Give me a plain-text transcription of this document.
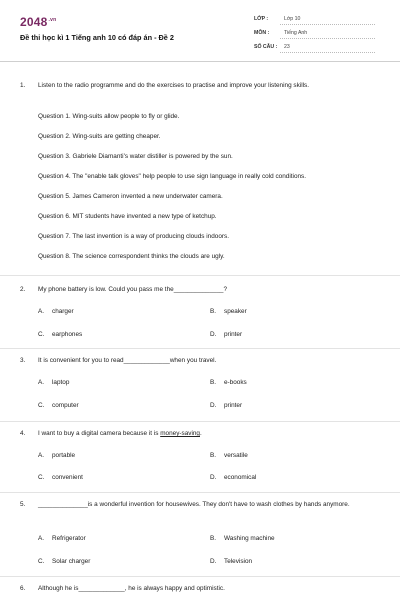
$2048^{.vn}$
Đề thi học kì 1 Tiếng anh 10 có đáp án - Đề 2
LỚP :	Lớp 10
MÔN :	Tiếng Anh
SỐ CÂU : 23
1. Listen to the radio programme and do the exercises to practise and improve your listening skills.
Question 1. Wing-suits allow people to fly or glide.
Question 2. Wing-suits are getting cheaper.
Question 3. Gabriele Diamanti's water distiller is powered by the sun.
Question 4. The "enable talk gloves" help people to use sign language in really cold conditions.
Question 5. James Cameron invented a new underwater camera.
Question 6. MIT students have invented a new type of ketchup.
Question 7. The last invention is a way of producing clouds indoors.
Question 8. The science correspondent thinks the clouds are ugly.
2. My phone battery is low. Could you pass me the______________?
A. charger	B. speaker
C. earphones	D. printer
3. It is convenient for you to read_____________when you travel.
A. laptop	B. e-books
C. computer	D. printer
4. I want to buy a digital camera because it is money-saving.
A. portable	B. versatile
C. convenient	D. economical
5. ______________is a wonderful invention for housewives. They don't have to wash clothes by hands anymore.
A. Refrigerator	B. Washing machine
C. Solar charger	D. Television
6. Although he is_____________, he is always happy and optimistic.
